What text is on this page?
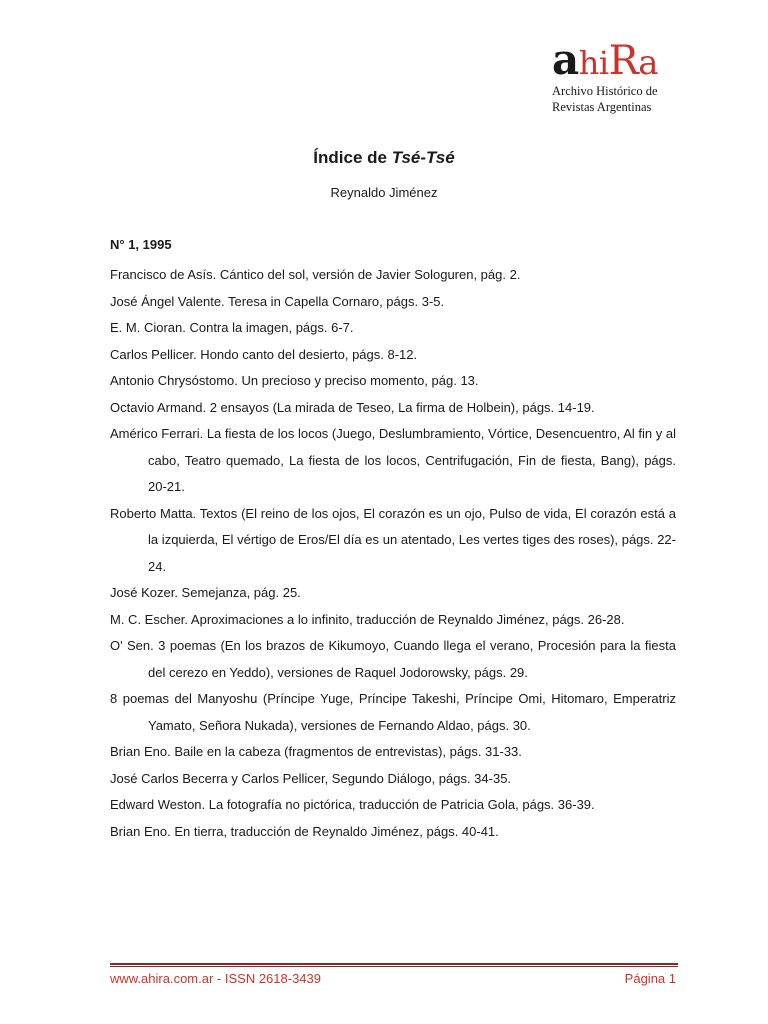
ahiRa
Archivo Histórico de
Revistas Argentinas
Índice de Tsé-Tsé
Reynaldo Jiménez
N° 1, 1995

Francisco de Asís. Cántico del sol, versión de Javier Sologuren, pág. 2.

José Ángel Valente. Teresa in Capella Cornaro, págs. 3-5.

E. M. Cioran. Contra la imagen, págs. 6-7.

Carlos Pellicer. Hondo canto del desierto, págs. 8-12.

Antonio Chrysóstomo. Un precioso y preciso momento, pág. 13.

Octavio Armand. 2 ensayos (La mirada de Teseo, La firma de Holbein), págs. 14-19.

Américo Ferrari. La fiesta de los locos (Juego, Deslumbramiento, Vórtice, Desencuentro, Al fin y al cabo, Teatro quemado, La fiesta de los locos, Centrifugación, Fin de fiesta, Bang), págs. 20-21.

Roberto Matta. Textos (El reino de los ojos, El corazón es un ojo, Pulso de vida, El corazón está a la izquierda, El vértigo de Eros/El día es un atentado, Les vertes tiges des roses), págs. 22-24.

José Kozer. Semejanza, pág. 25.

M. C. Escher. Aproximaciones a lo infinito, traducción de Reynaldo Jiménez, págs. 26-28.

O' Sen. 3 poemas (En los brazos de Kikumoyo, Cuando llega el verano, Procesión para la fiesta del cerezo en Yeddo), versiones de Raquel Jodorowsky, págs. 29.

8 poemas del Manyoshu (Príncipe Yuge, Príncipe Takeshi, Príncipe Omi, Hitomaro, Emperatriz Yamato, Señora Nukada), versiones de Fernando Aldao, págs. 30.

Brian Eno. Baile en la cabeza (fragmentos de entrevistas), págs. 31-33.

José Carlos Becerra y Carlos Pellicer, Segundo Diálogo, págs. 34-35.

Edward Weston. La fotografía no pictórica, traducción de Patricia Gola, págs. 36-39.

Brian Eno. En tierra, traducción de Reynaldo Jiménez, págs. 40-41.

www.ahira.com.ar - ISSN 2618-3439	Página 1
